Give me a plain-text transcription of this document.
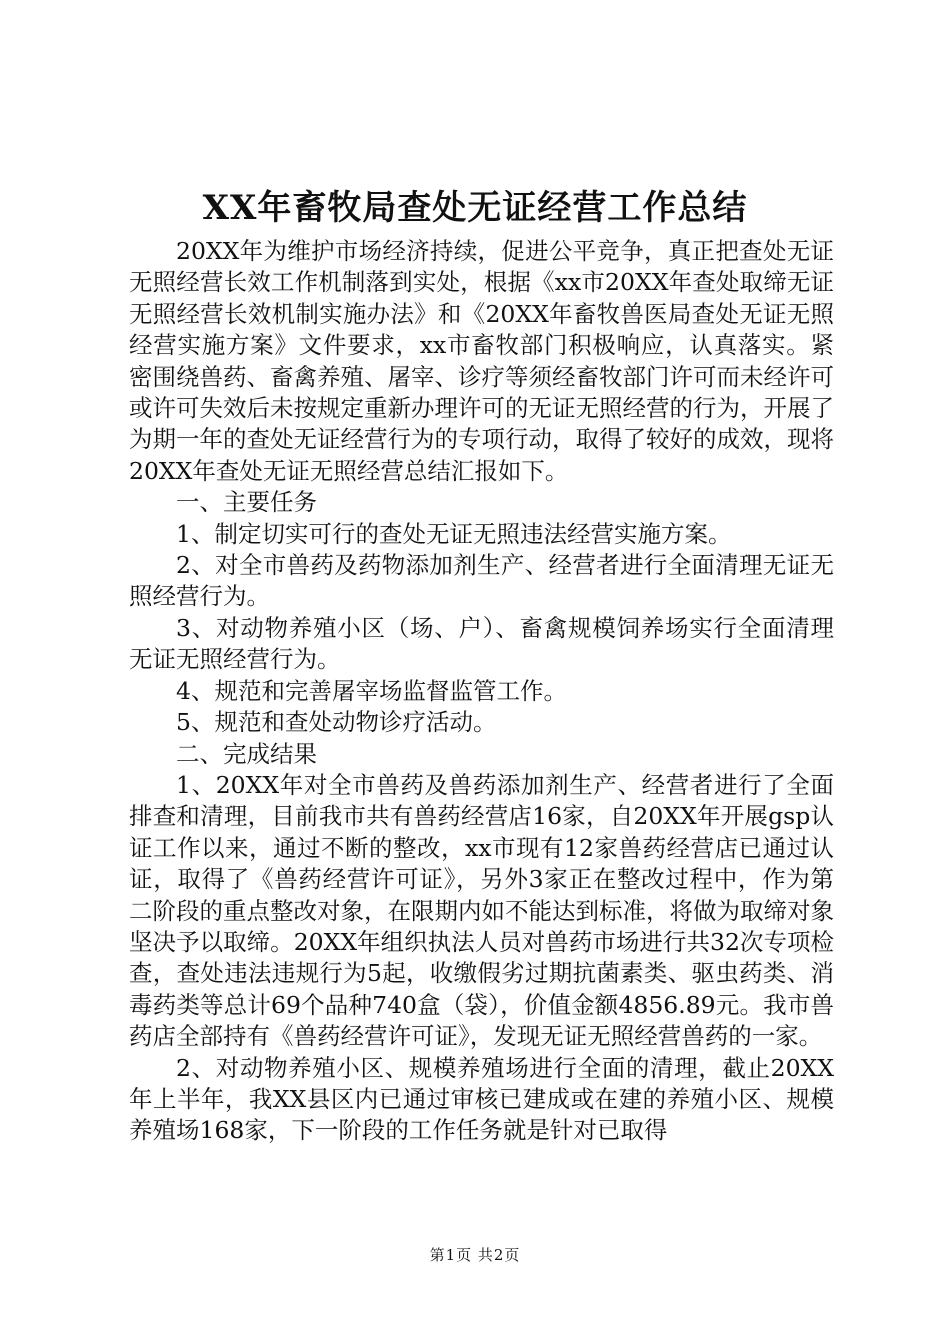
XX年畜牧局查处无证经营工作总结

20XX年为维护市场经济持续，促进公平竞争，真正把查处无证无照经营长效工作机制落到实处，根据《xx市20XX年查处取缔无证无照经营长效机制实施办法》和《20XX年畜牧兽医局查处无证无照经营实施方案》文件要求，xx市畜牧部门积极响应，认真落实。紧密围绕兽药、畜禽养殖、屠宰、诊疗等须经畜牧部门许可而未经许可或许可失效后未按规定重新办理许可的无证无照经营的行为，开展了为期一年的查处无证经营行为的专项行动，取得了较好的成效，现将20XX年查处无证无照经营总结汇报如下。

一、主要任务

1、制定切实可行的查处无证无照违法经营实施方案。

2、对全市兽药及药物添加剂生产、经营者进行全面清理无证无照经营行为。

3、对动物养殖小区（场、户）、畜禽规模饲养场实行全面清理无证无照经营行为。

4、规范和完善屠宰场监督监管工作。

5、规范和查处动物诊疗活动。

二、完成结果

1、20XX年对全市兽药及兽药添加剂生产、经营者进行了全面排查和清理，目前我市共有兽药经营店16家，自20XX年开展gsp认证工作以来，通过不断的整改，xx市现有12家兽药经营店已通过认证，取得了《兽药经营许可证》，另外3家正在整改过程中，作为第二阶段的重点整改对象，在限期内如不能达到标准，将做为取缔对象坚决予以取缔。20XX年组织执法人员对兽药市场进行共32次专项检查，查处违法违规行为5起，收缴假劣过期抗菌素类、驱虫药类、消毒药类等总计69个品种740盒（袋），价值金额4856.89元。我市兽药店全部持有《兽药经营许可证》，发现无证无照经营兽药的一家。

2、对动物养殖小区、规模养殖场进行全面的清理，截止20XX年上半年，我XX县区内已通过审核已建成或在建的养殖小区、规模养殖场168家，下一阶段的工作任务就是针对已取得

第1页 共2页
